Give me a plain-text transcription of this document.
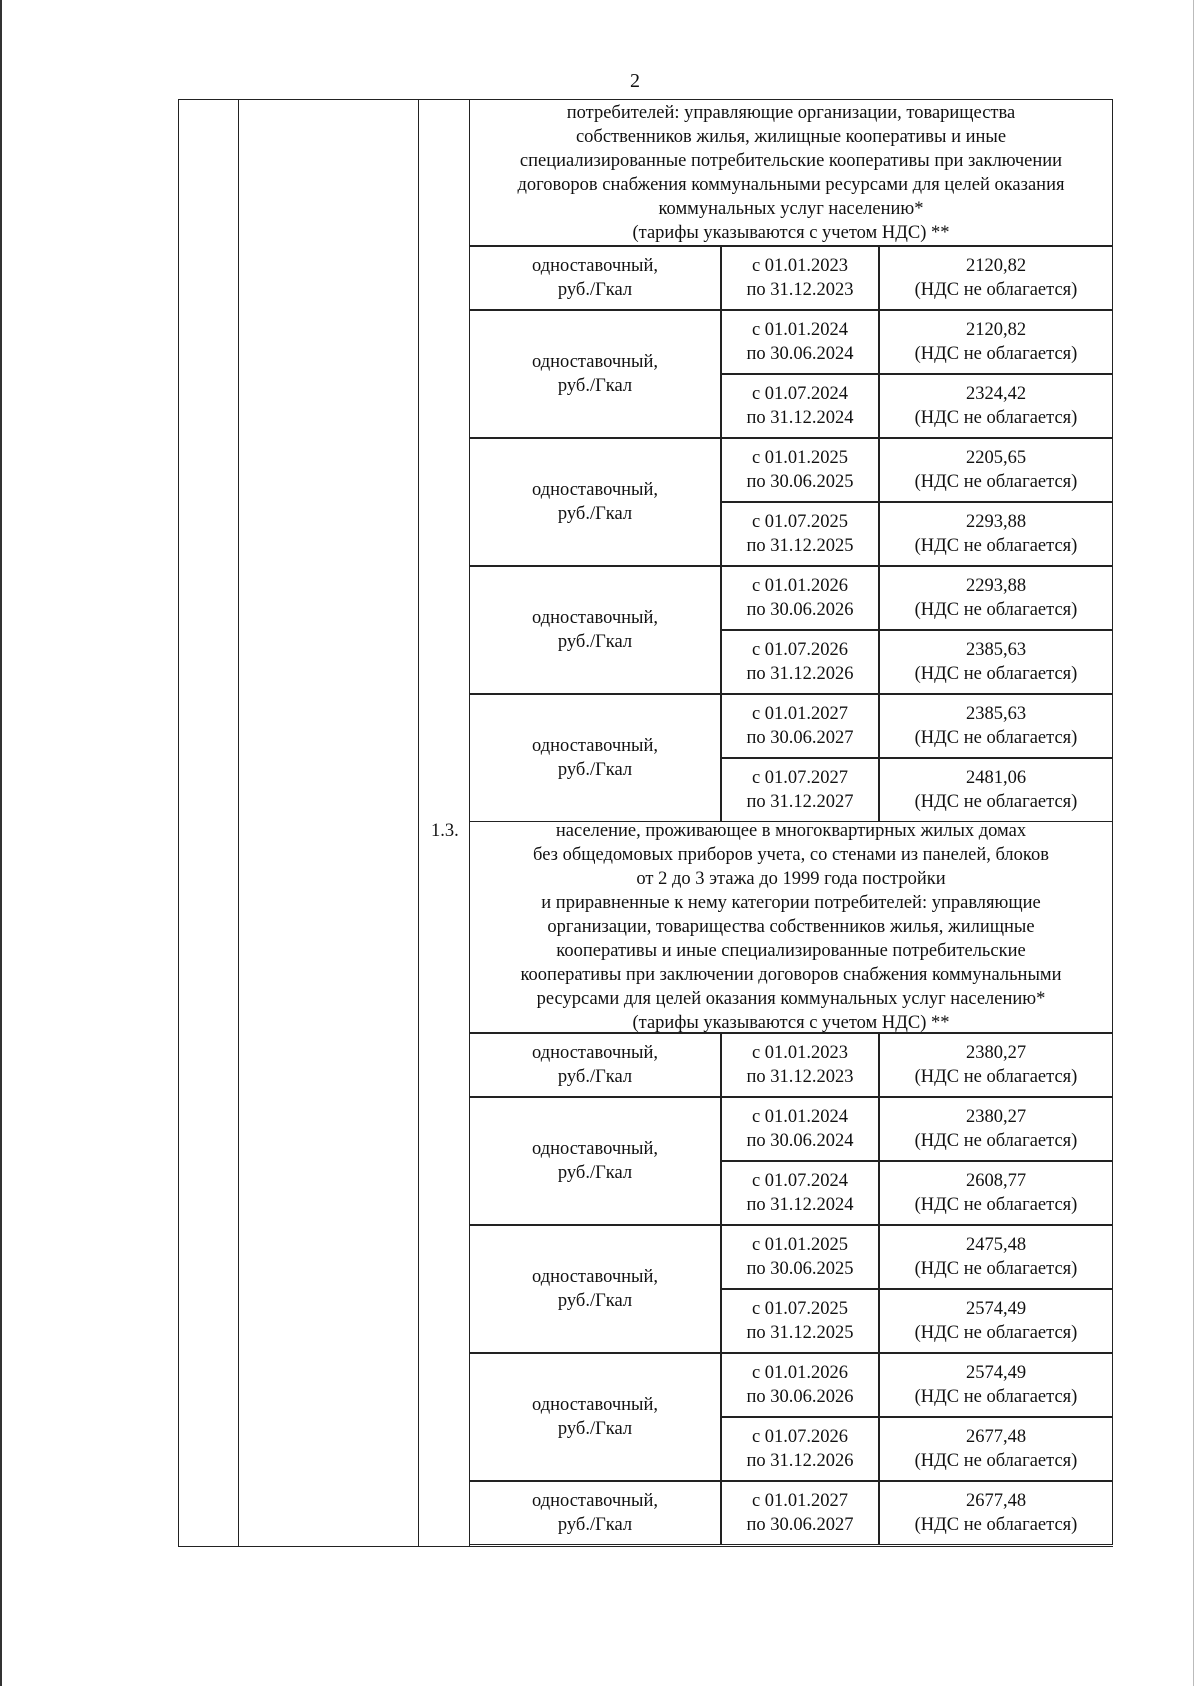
2
1.3.
потребителей: управляющие организации, товарищества
собственников жилья, жилищные кооперативы и иные
специализированные потребительские кооперативы при заключении
договоров снабжения коммунальными ресурсами для целей оказания
коммунальных услуг населению*
(тарифы указываются с учетом НДС) **
одноставочный,
руб./Гкал
с 01.01.2023
по 31.12.2023
2120,82
(НДС не облагается)
одноставочный,
руб./Гкал
с 01.01.2024
по 30.06.2024
2120,82
(НДС не облагается)
с 01.07.2024
по 31.12.2024
2324,42
(НДС не облагается)
одноставочный,
руб./Гкал
с 01.01.2025
по 30.06.2025
2205,65
(НДС не облагается)
с 01.07.2025
по 31.12.2025
2293,88
(НДС не облагается)
одноставочный,
руб./Гкал
с 01.01.2026
по 30.06.2026
2293,88
(НДС не облагается)
с 01.07.2026
по 31.12.2026
2385,63
(НДС не облагается)
одноставочный,
руб./Гкал
с 01.01.2027
по 30.06.2027
2385,63
(НДС не облагается)
с 01.07.2027
по 31.12.2027
2481,06
(НДС не облагается)
население, проживающее в многоквартирных жилых домах
без общедомовых приборов учета, со стенами из панелей, блоков
от 2 до 3 этажа до 1999 года постройки
и приравненные к нему категории потребителей: управляющие
организации, товарищества собственников жилья, жилищные
кооперативы и иные специализированные потребительские
кооперативы при заключении договоров снабжения коммунальными
ресурсами для целей оказания коммунальных услуг населению*
(тарифы указываются с учетом НДС) **
одноставочный,
руб./Гкал
с 01.01.2023
по 31.12.2023
2380,27
(НДС не облагается)
одноставочный,
руб./Гкал
с 01.01.2024
по 30.06.2024
2380,27
(НДС не облагается)
с 01.07.2024
по 31.12.2024
2608,77
(НДС не облагается)
одноставочный,
руб./Гкал
с 01.01.2025
по 30.06.2025
2475,48
(НДС не облагается)
с 01.07.2025
по 31.12.2025
2574,49
(НДС не облагается)
одноставочный,
руб./Гкал
с 01.01.2026
по 30.06.2026
2574,49
(НДС не облагается)
с 01.07.2026
по 31.12.2026
2677,48
(НДС не облагается)
одноставочный,
руб./Гкал
с 01.01.2027
по 30.06.2027
2677,48
(НДС не облагается)
